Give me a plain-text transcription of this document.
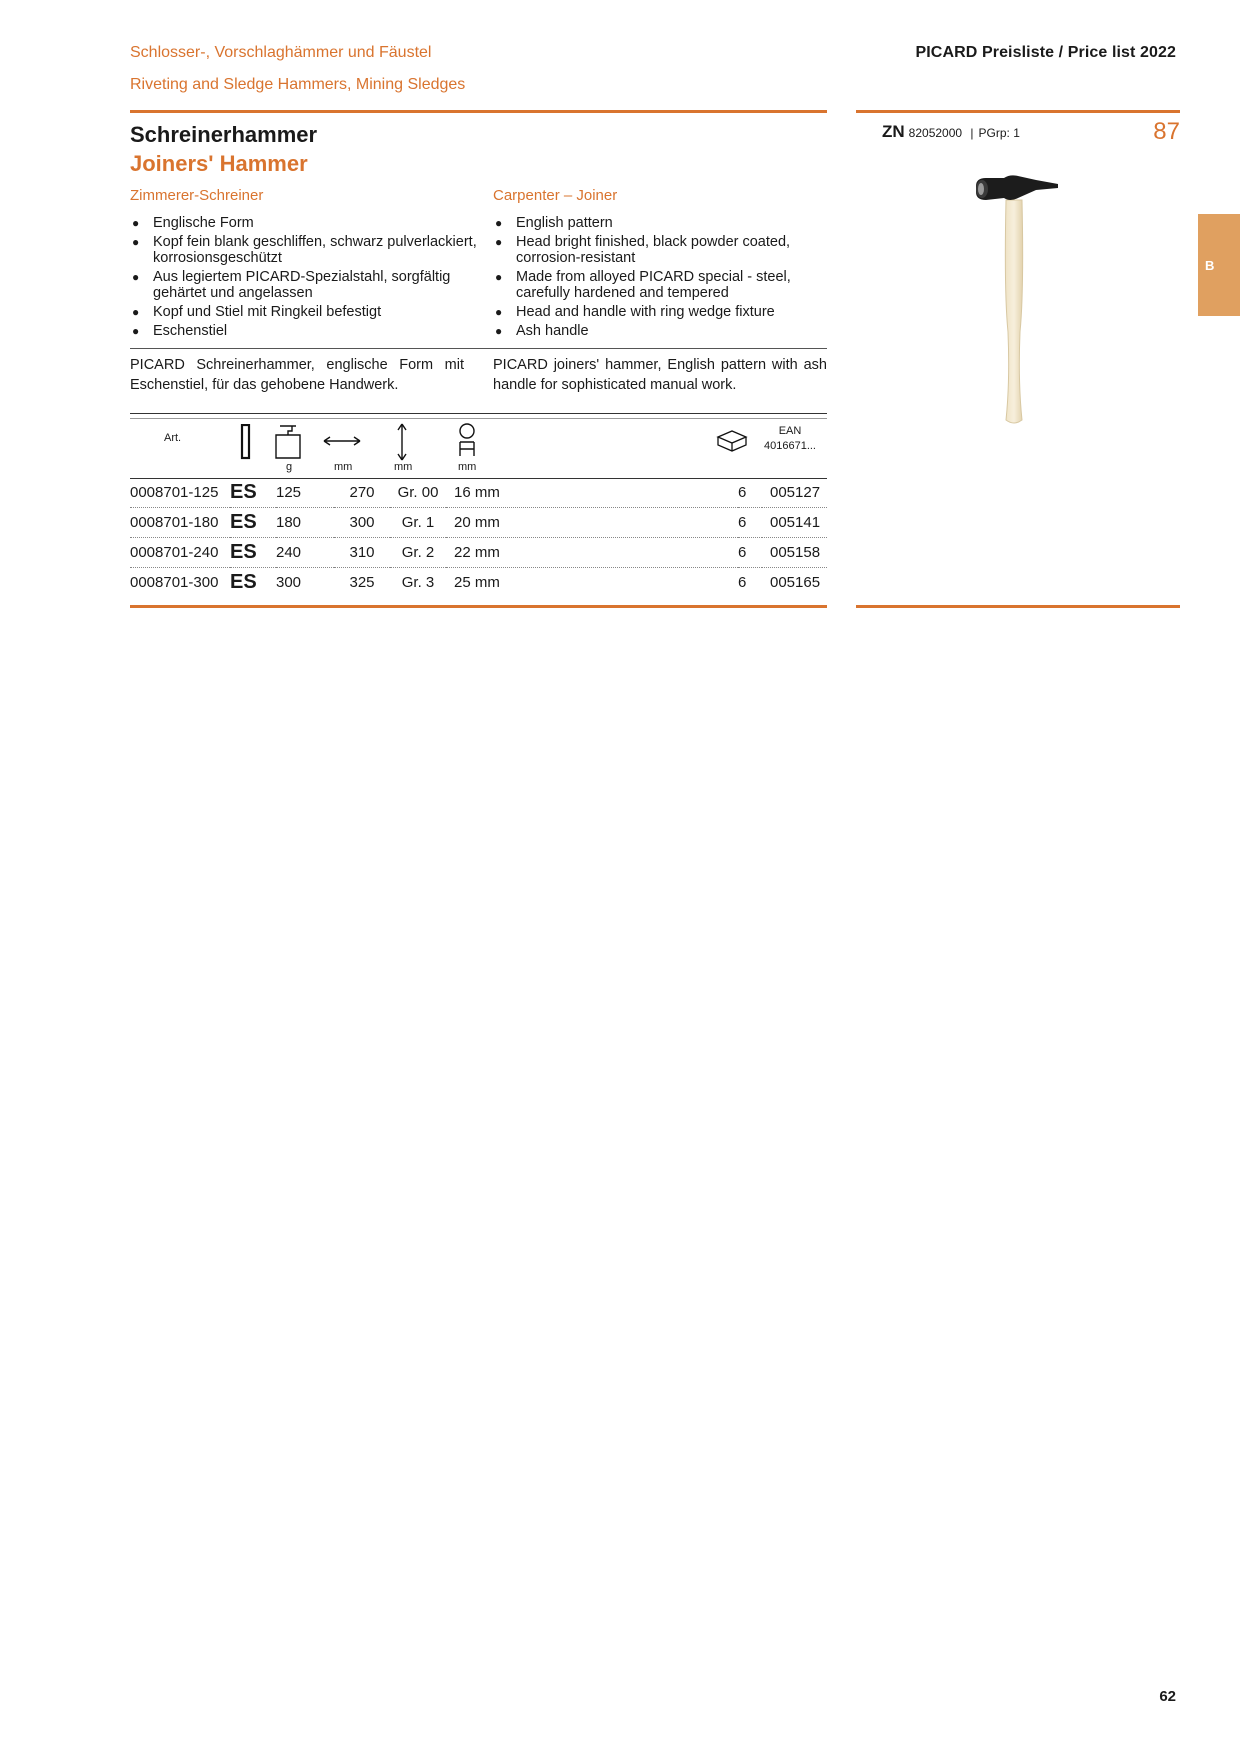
Schlosser-, Vorschlaghämmer und Fäustel
Riveting and Sledge Hammers, Mining Sledges
PICARD Preisliste / Price list 2022
Schreinerhammer
Joiners' Hammer
Zimmerer-Schreiner	Carpenter – Joiner
● Englische Form
● Kopf fein blank geschliffen, schwarz pulverlackiert, korrosionsgeschützt
● Aus legiertem PICARD-Spezialstahl, sorgfältig gehärtet und angelassen
● Kopf und Stiel mit Ringkeil befestigt
● Eschenstiel
● English pattern
● Head bright finished, black powder coated, corrosion-resistant
● Made from alloyed PICARD special - steel, carefully hardened and tempered
● Head and handle with ring wedge fixture
● Ash handle
PICARD Schreinerhammer, englische Form mit Eschenstiel, für das gehobene Handwerk.
PICARD joiners' hammer, English pattern with ash handle for sophisticated manual work.
Art.
EAN
4016671...
g	mm	mm	mm
0008701-125	ES	125	270	Gr. 00	16 mm	6	005127
0008701-180	ES	180	300	Gr. 1	20 mm	6	005141
0008701-240	ES	240	310	Gr. 2	22 mm	6	005158
0008701-300	ES	300	325	Gr. 3	25 mm	6	005165
ZN 82052000 | PGrp: 1	87
B
62
